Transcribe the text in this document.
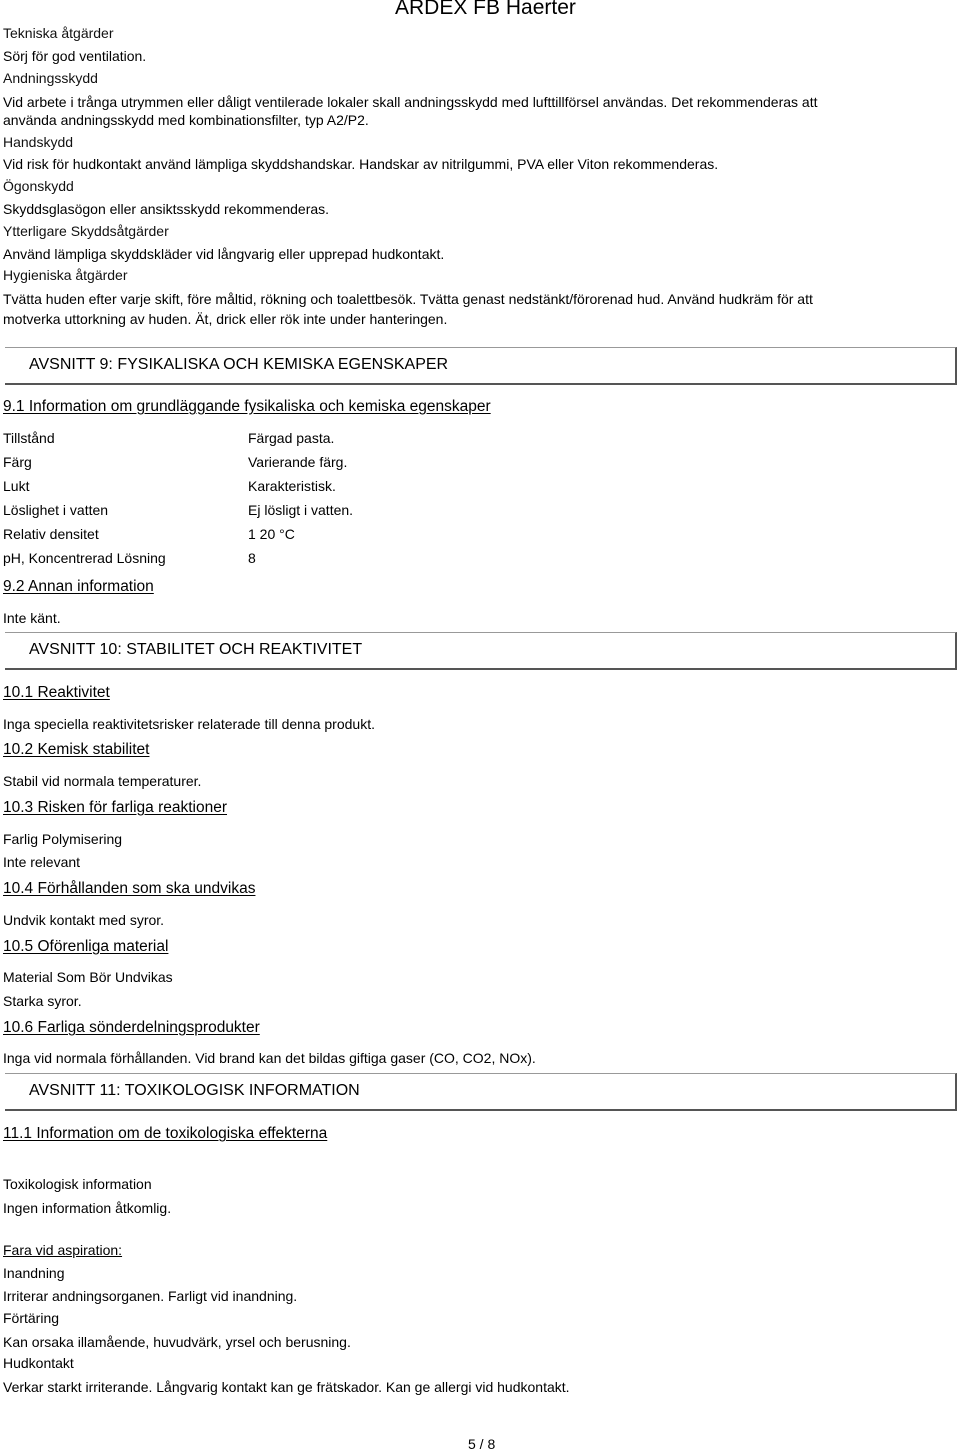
ARDEX FB Haerter
Tekniska åtgärder
Sörj för god ventilation.
Andningsskydd
Vid arbete i trånga utrymmen eller dåligt ventilerade lokaler skall andningsskydd med lufttillförsel användas. Det rekommenderas att
använda andningsskydd med kombinationsfilter, typ A2/P2.
Handskydd
Vid risk för hudkontakt använd lämpliga skyddshandskar. Handskar av nitrilgummi, PVA eller Viton rekommenderas.
Ögonskydd
Skyddsglasögon eller ansiktsskydd rekommenderas.
Ytterligare Skyddsåtgärder
Använd lämpliga skyddskläder vid långvarig eller upprepad hudkontakt.
Hygieniska åtgärder
Tvätta huden efter varje skift, före måltid, rökning och toalettbesök. Tvätta genast nedstänkt/förorenad hud. Använd hudkräm för att
motverka uttorkning av huden. Ät, drick eller rök inte under hanteringen.
AVSNITT 9: FYSIKALISKA OCH KEMISKA EGENSKAPER
9.1 Information om grundläggande fysikaliska och kemiska egenskaper
Tillstånd	Färgad pasta.
Färg	Varierande färg.
Lukt	Karakteristisk.
Löslighet i vatten	Ej lösligt i vatten.
Relativ densitet	1 20 °C
pH, Koncentrerad Lösning	8
9.2 Annan information
Inte känt.
AVSNITT 10: STABILITET OCH REAKTIVITET
10.1 Reaktivitet
Inga speciella reaktivitetsrisker relaterade till denna produkt.
10.2 Kemisk stabilitet
Stabil vid normala temperaturer.
10.3 Risken för farliga reaktioner
Farlig Polymisering
Inte relevant
10.4 Förhållanden som ska undvikas
Undvik kontakt med syror.
10.5 Oförenliga material
Material Som Bör Undvikas
Starka syror.
10.6 Farliga sönderdelningsprodukter
Inga vid normala förhållanden. Vid brand kan det bildas giftiga gaser (CO, CO2, NOx).
AVSNITT 11: TOXIKOLOGISK INFORMATION
11.1 Information om de toxikologiska effekterna
Toxikologisk information
Ingen information åtkomlig.
Fara vid aspiration:
Inandning
Irriterar andningsorganen. Farligt vid inandning.
Förtäring
Kan orsaka illamående, huvudvärk, yrsel och berusning.
Hudkontakt
Verkar starkt irriterande. Långvarig kontakt kan ge frätskador. Kan ge allergi vid hudkontakt.
5 / 8
